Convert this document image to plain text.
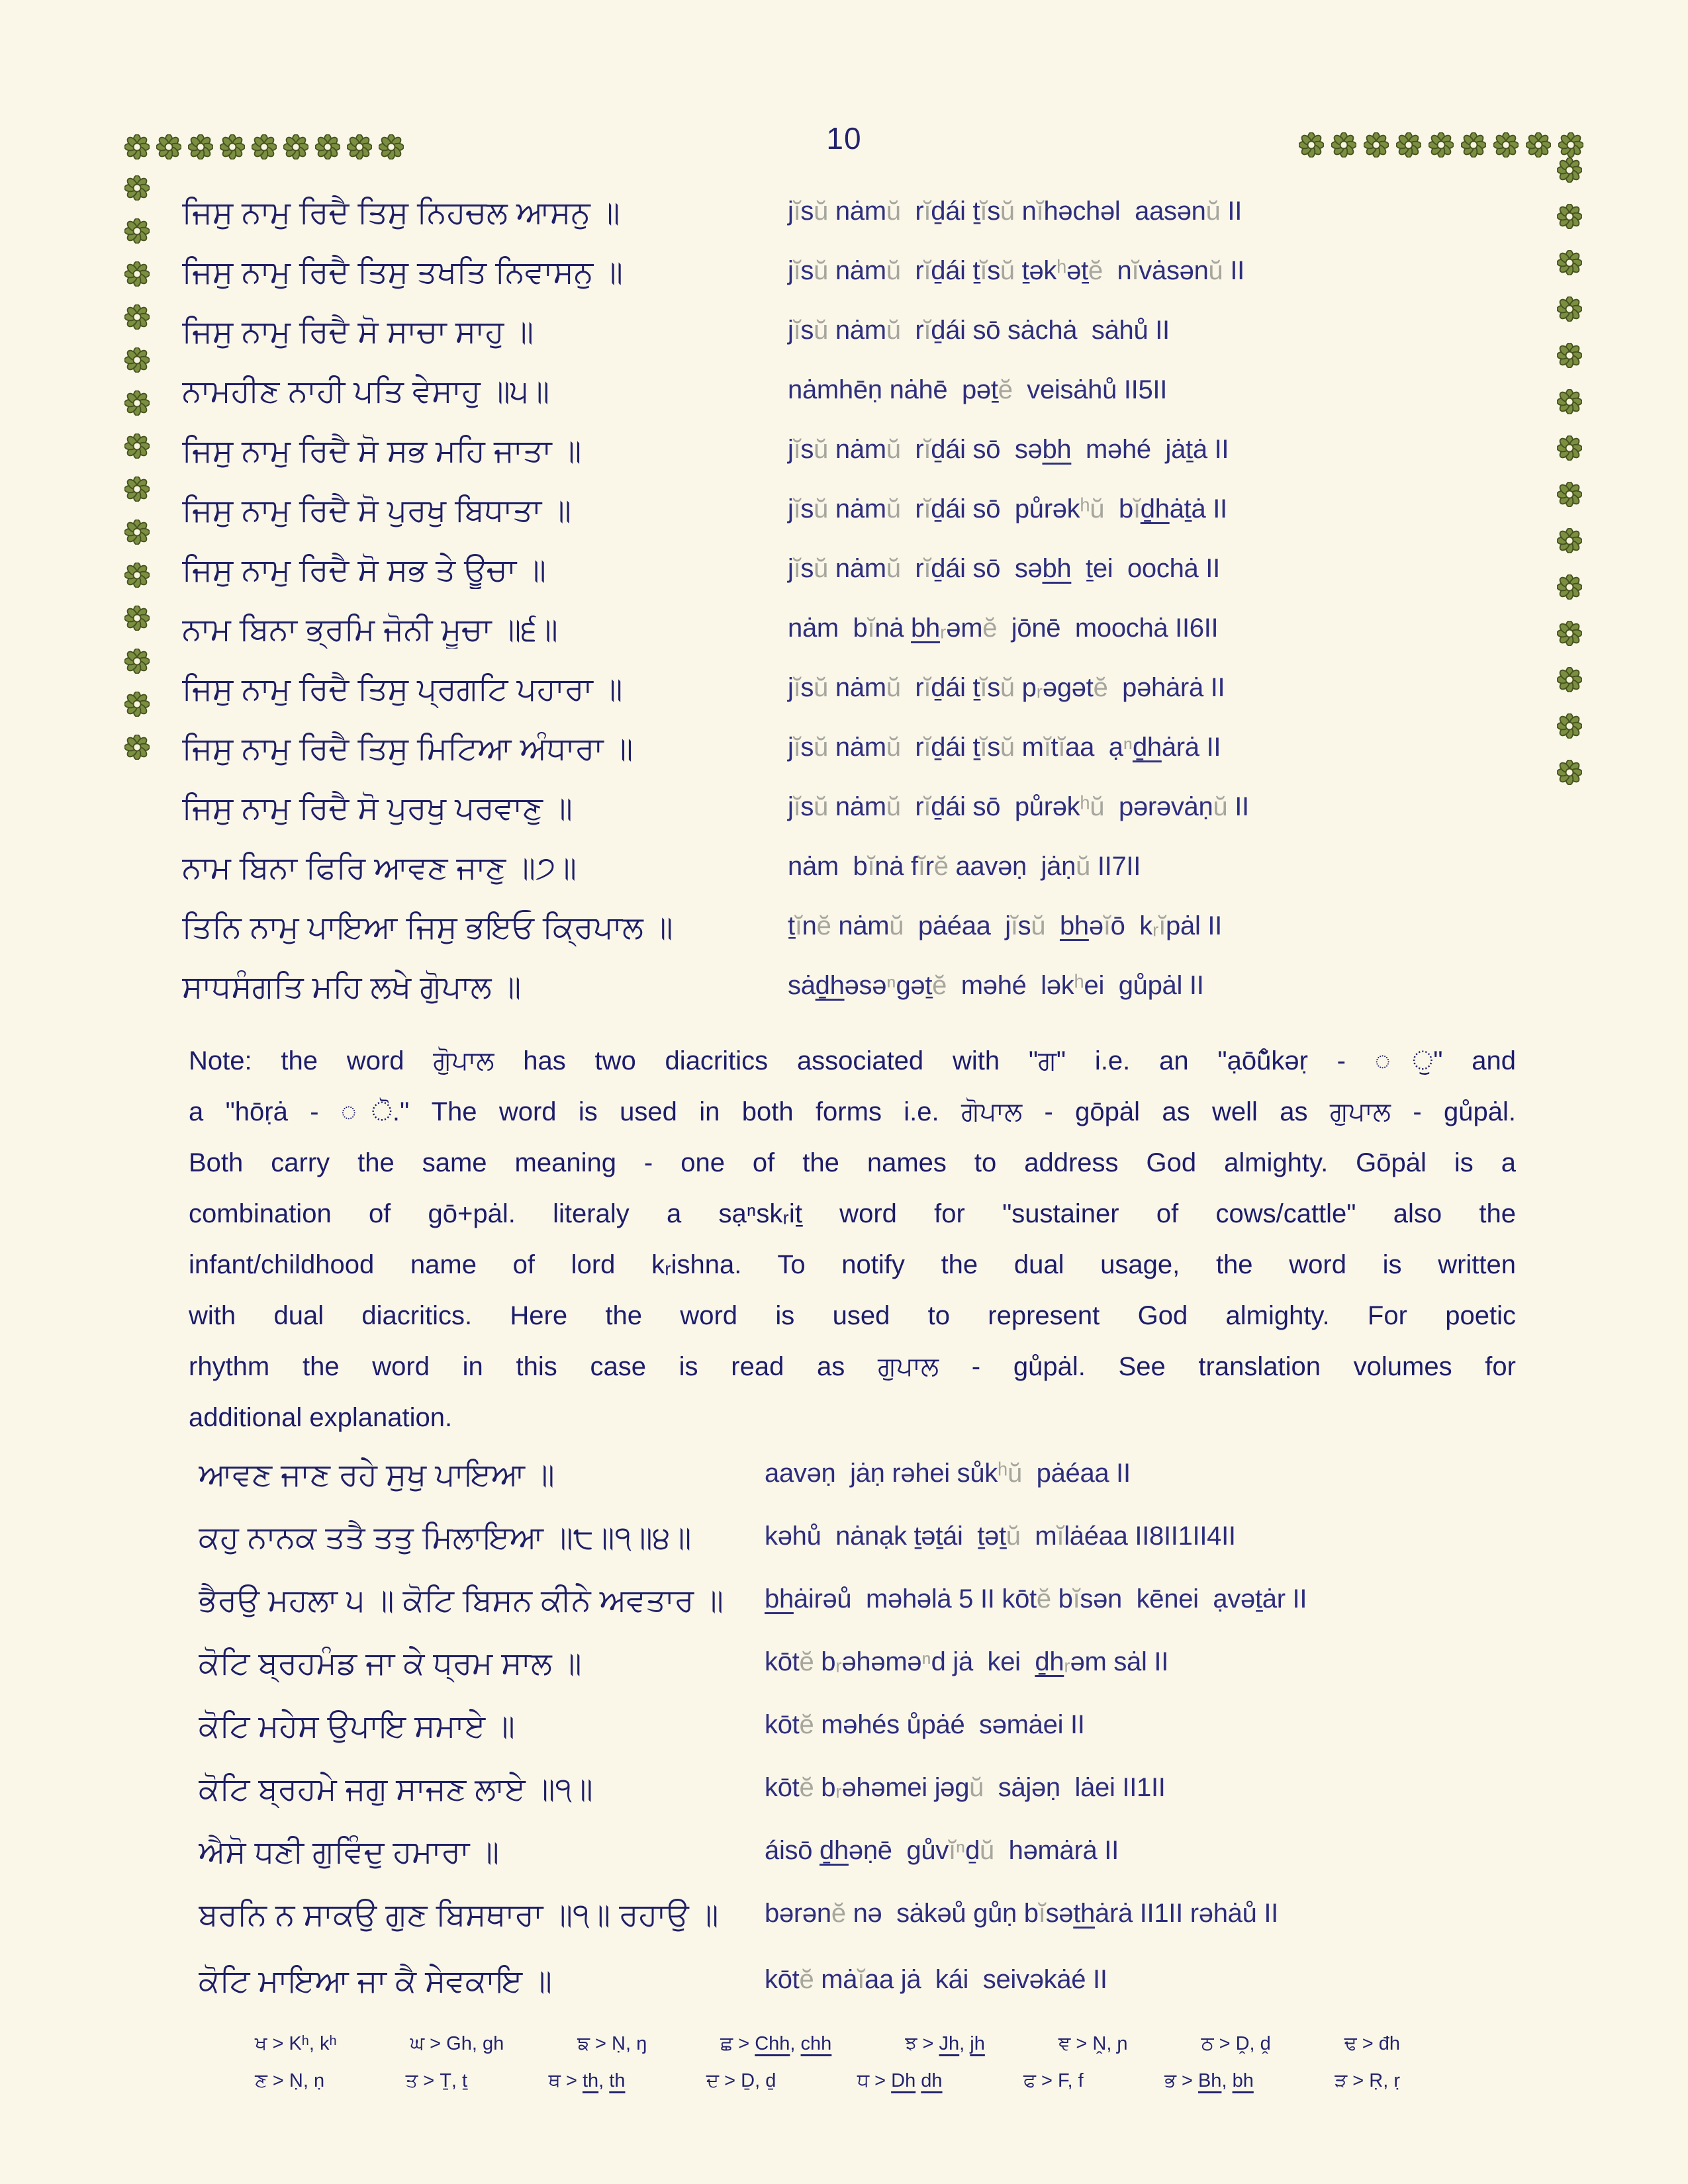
10
ਜਿਸੁ ਨਾਮੁ ਰਿਦੈ ਤਿਸੁ ਨਿਹਚਲ ਆਸਨੁ ॥	jĭsŭ nȧmŭ  rĭḏái ṯĭsŭ nĭhəchəl  aasənŭ II
ਜਿਸੁ ਨਾਮੁ ਰਿਦੈ ਤਿਸੁ ਤਖਤਿ ਨਿਵਾਸਨੁ ॥	jĭsŭ nȧmŭ  rĭḏái ṯĭsŭ ṯəkʰəṯĕ  nĭvȧsənŭ II
ਜਿਸੁ ਨਾਮੁ ਰਿਦੈ ਸੋ ਸਾਚਾ ਸਾਹੁ ॥	jĭsŭ nȧmŭ  rĭḏái sō sȧchȧ  sȧhů II
ਨਾਮਹੀਣ ਨਾਹੀ ਪਤਿ ਵੇਸਾਹੁ ॥੫॥	nȧmhēṇ nȧhē  pəṯĕ  veisȧhů II5II
ਜਿਸੁ ਨਾਮੁ ਰਿਦੈ ਸੋ ਸਭ ਮਹਿ ਜਾਤਾ ॥	jĭsŭ nȧmŭ  rĭḏái sō  səbh  məhé  jȧṯȧ II
ਜਿਸੁ ਨਾਮੁ ਰਿਦੈ ਸੋ ਪੁਰਖੁ ਬਿਧਾਤਾ ॥	jĭsŭ nȧmŭ  rĭḏái sō  půrəkʰŭ  bĭḏhȧṯȧ II
ਜਿਸੁ ਨਾਮੁ ਰਿਦੈ ਸੋ ਸਭ ਤੇ ਊਚਾ ॥	jĭsŭ nȧmŭ  rĭḏái sō  səbh  ṯei  oochȧ II
ਨਾਮ ਬਿਨਾ ਭ੍ਰਮਿ ਜੋਨੀ ਮੂਚਾ ॥੬॥	nȧm  bĭnȧ bhᵣəmĕ  jōnē  moochȧ II6II
ਜਿਸੁ ਨਾਮੁ ਰਿਦੈ ਤਿਸੁ ਪ੍ਰਗਟਿ ਪਹਾਰਾ ॥	jĭsŭ nȧmŭ  rĭḏái ṯĭsŭ pᵣəgətĕ  pəhȧrȧ II
ਜਿਸੁ ਨਾਮੁ ਰਿਦੈ ਤਿਸੁ ਮਿਟਿਆ ਅੰਧਾਰਾ ॥	jĭsŭ nȧmŭ  rĭḏái ṯĭsŭ mĭtĭaa  ạⁿḏhȧrȧ II
ਜਿਸੁ ਨਾਮੁ ਰਿਦੈ ਸੋ ਪੁਰਖੁ ਪਰਵਾਣੁ ॥	jĭsŭ nȧmŭ  rĭḏái sō  půrəkʰŭ  pərəvȧṇŭ II
ਨਾਮ ਬਿਨਾ ਫਿਰਿ ਆਵਣ ਜਾਣੁ ॥੭॥	nȧm  bĭnȧ fĭrĕ aavəṇ  jȧṇŭ II7II
ਤਿਨਿ ਨਾਮੁ ਪਾਇਆ ਜਿਸੁ ਭਇਓ ਕ੍ਰਿਪਾਲ ॥	ṯĭnĕ nȧmŭ  pȧéaa  jĭsŭ bhəĭō  kᵣĭpȧl II
ਸਾਧਸੰਗਤਿ ਮਹਿ ਲਖੇ ਗੋੁਪਾਲ ॥	sȧḏhəsəⁿgəṯĕ  məhé  ləkʰei  gůpȧl II
Note: the word ਗੋੁਪਾਲ has two diacritics associated with "ਗ" i.e. an "ạōů̃kəṛ - ◌ੁ" and
a "hōṛȧ - ◌ੋ." The word is used in both forms i.e. ਗੋਪਾਲ - gōpȧl as well as ਗੁਪਾਲ - gůpȧl.
Both carry the same meaning - one of the names to address God almighty. Gōpȧl is a
combination of gō+pȧl. literaly a sạⁿskᵣiṯ word for "sustainer of cows/cattle" also the
infant/childhood name of lord kᵣishna. To notify the dual usage, the word is written
with dual diacritics. Here the word is used to represent God almighty. For poetic
rhythm the word in this case is read as ਗੁਪਾਲ - gůpȧl. See translation volumes for
additional explanation.
ਆਵਣ ਜਾਣ ਰਹੇ ਸੁਖੁ ਪਾਇਆ ॥	aavəṇ  jȧṇ rəhei sůkʰŭ  pȧéaa II
ਕਹੁ ਨਾਨਕ ਤਤੈ ਤਤੁ ਮਿਲਾਇਆ ॥੮॥੧॥੪॥	kəhů  nȧnạk ṯəṯái  ṯəṯŭ  mĭlȧéaa II8II1II4II
ਭੈਰਉ ਮਹਲਾ ੫ ॥ ਕੋਟਿ ਬਿਸਨ ਕੀਨੇ ਅਵਤਾਰ ॥ bhȧirəů  məhəlȧ 5 II kōtĕ bĭsən  kēnei  ạvəṯȧr II
ਕੋਟਿ ਬ੍ਰਹਮੰਡ ਜਾ ਕੇ ਧ੍ਰਮ ਸਾਲ ॥	kōtĕ bᵣəhəməⁿd jȧ  kei  ḏhᵣəm sȧl II
ਕੋਟਿ ਮਹੇਸ ਉਪਾਇ ਸਮਾਏ ॥	kōtĕ məhés ůpȧé  səmȧei II
ਕੋਟਿ ਬ੍ਰਹਮੇ ਜਗੁ ਸਾਜਣ ਲਾਏ ॥੧॥	kōtĕ bᵣəhəmei jəgŭ  sȧjəṇ  lȧei II1II
ਐਸੋ ਧਣੀ ਗੁਵਿੰਦੁ ਹਮਾਰਾ ॥	áisō ḏhəṇē  gůvĭⁿḏŭ  həmȧrȧ II
ਬਰਨਿ ਨ ਸਾਕਉ ਗੁਣ ਬਿਸਥਾਰਾ ॥੧॥ ਰਹਾਉ ॥ bərənĕ nə  sȧkəů gůṇ bĭsəthȧrȧ II1II rəhȧů II
ਕੋਟਿ ਮਾਇਆ ਜਾ ਕੈ ਸੇਵਕਾਇ ॥	kōtĕ mȧĭaa jȧ  kái  seivəkȧé II
ਖ > Kʰ, kʰ	ਘ > Gh, gh	ਙ > Ṇ, ŋ	ਛ > Chh, chh	ਝ > Jh, jh	ਞ > Ṋ, ɲ	ਠ > Ḓ, ḓ	ਢ > đh
ਣ > Ṇ, ṇ	ਤ > Ṯ, ṯ	ਥ > th, th	ਦ > Ḏ, ḏ	ਧ > Dh dh	ਫ > F, f	ਭ > Bh, bh	ੜ > Ṛ, ṛ
